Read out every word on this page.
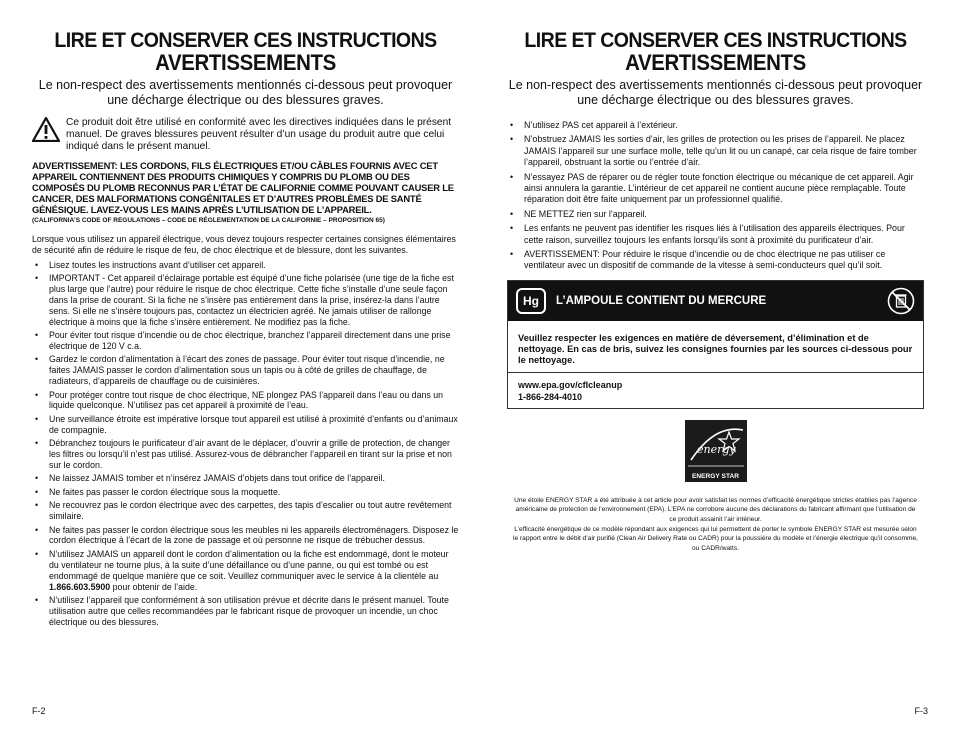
LIRE ET CONSERVER CES INSTRUCTIONS
AVERTISSEMENTS
Le non-respect des avertissements mentionnés ci-dessous peut provoquer une décharge électrique ou des blessures graves.
Ce produit doit être utilisé en conformité avec les directives indiquées dans le présent manuel. De graves blessures peuvent résulter d’un usage du produit autre que celui indiqué dans le présent manuel.
ADVERTISSEMENT: LES CORDONS, FILS ÉLECTRIQUES ET/OU CÂBLES FOURNIS AVEC CET APPAREIL CONTIENNENT DES PRODUITS CHIMIQUES Y COMPRIS DU PLOMB OU DES COMPOSÉS DU PLOMB RECONNUS PAR L’ÉTAT DE CALIFORNIE COMME POUVANT CAUSER LE CANCER, DES MALFORMATIONS CONGÉNITALES ET D’AUTRES PROBLÈMES DE SANTÉ GÉNÉSIQUE. LAVEZ-VOUS LES MAINS APRÈS L’UTILISATION DE L’APPAREIL.
(CALIFORNIA’S CODE OF REGULATIONS – CODE DE RÉGLEMENTATION DE LA CALIFORNIE – PROPOSITION 65)
Lorsque vous utilisez un appareil électrique, vous devez toujours respecter certaines consignes élémentaires de sécurité afin de réduire le risque de feu, de choc électrique et de blessure, dont les suivantes.
• Lisez toutes les instructions avant d’utiliser cet appareil.
• IMPORTANT - Cet appareil d’éclairage portable est équipé d’une fiche polarisée (une tige de la fiche est plus large que l’autre) pour réduire le risque de choc électrique. Cette fiche s’installe d’une seule façon dans la prise de courant. Si la fiche ne s’insère pas entièrement dans la prise, insérez-la dans l’autre sens. Si elle ne s’insère toujours pas, contactez un électricien agréé. Ne jamais utiliser de rallonge électrique à moins que la fiche s’insère entièrement. Ne modifiez pas la fiche.
• Pour éviter tout risque d’incendie ou de choc électrique, branchez l’appareil directement dans une prise électrique de 120 V c.a.
• Gardez le cordon d’alimentation à l’écart des zones de passage. Pour éviter tout risque d’incendie, ne faites JAMAIS passer le cordon d’alimentation sous un tapis ou à côté de grilles de chauffage, de radiateurs, d’appareils de chauffage ou de cuisinières.
• Pour protéger contre tout risque de choc électrique, NE plongez PAS l’appareil dans l’eau ou dans un liquide quelconque. N’utilisez pas cet appareil à proximité de l’eau.
• Une surveillance étroite est impérative lorsque tout appareil est utilisé à proximité d’enfants ou d’animaux de compagnie.
• Débranchez toujours le purificateur d’air avant de le déplacer, d’ouvrir a grille de protection, de changer les filtres ou lorsqu’il n’est pas utilisé. Assurez-vous de débrancher l’appareil en tirant sur la prise et non sur le cordon.
• Ne laissez JAMAIS tomber et n’insérez JAMAIS d’objets dans tout orifice de l’appareil.
• Ne faites pas passer le cordon électrique sous la moquette.
• Ne recouvrez pas le cordon électrique avec des carpettes, des tapis d’escalier ou tout autre revêtement similaire.
• Ne faites pas passer le cordon électrique sous les meubles ni les appareils électroménagers. Disposez le cordon électrique à l’écart de la zone de passage et où personne ne risque de trébucher dessus.
• N’utilisez JAMAIS un appareil dont le cordon d’alimentation ou la fiche est endommagé, dont le moteur du ventilateur ne tourne plus, à la suite d’une défaillance ou d’une panne, ou qui est tombé ou est endommagé de quelque manière que ce soit. Veuillez communiquer avec le service à la clientèle au 1.866.603.5900 pour obtenir de l’aide.
• N’utilisez l’appareil que conformément à son utilisation prévue et décrite dans le présent manuel. Toute utilisation autre que celles recommandées par le fabricant risque de provoquer un incendie, un choc électrique ou des blessures.
F-2
LIRE ET CONSERVER CES INSTRUCTIONS
AVERTISSEMENTS
Le non-respect des avertissements mentionnés ci-dessous peut provoquer une décharge électrique ou des blessures graves.
• N’utilisez PAS cet appareil à l’extérieur.
• N’obstruez JAMAIS les sorties d’air, les grilles de protection ou les prises de l’appareil. Ne placez JAMAIS l’appareil sur une surface molle, telle qu’un lit ou un canapé, car cela risque de faire tomber l’appareil, obstruant la sortie ou l’entrée d’air.
• N’essayez PAS de réparer ou de régler toute fonction électrique ou mécanique de cet appareil. Agir ainsi annulera la garantie. L’intérieur de cet appareil ne contient aucune pièce remplaçable. Toute réparation doit être faite uniquement par un professionnel qualifié.
• NE METTEZ rien sur l’appareil.
• Les enfants ne peuvent pas identifier les risques liés à l’utilisation des appareils électriques. Pour cette raison, surveillez toujours les enfants lorsqu’ils sont à proximité du purificateur d’air.
• AVERTISSEMENT: Pour réduire le risque d’incendie ou de choc électrique ne pas utiliser ce ventilateur avec un dispositif de commande de la vitesse à semi-conducteurs quel qu’il soit.
Hg	L’AMPOULE CONTIENT DU MERCURE
Veuillez respecter les exigences en matière de déversement, d’élimination et de nettoyage. En cas de bris, suivez les consignes fournies par les sources ci-dessous pour le nettoyage.
www.epa.gov/cflcleanup
1-866-284-4010
energy
ENERGY STAR
Une étoile ENERGY STAR a été attribuée à cet article pour avoir satisfait les normes d’efficacité énergétique strictes établies pas l’agence américaine de protection de l’environnement (EPA). L’EPA ne corrobore aucune des déclarations du fabricant affirmant que l’utilisation de ce produit assainit l’air intérieur.
L’efficacité énergétique de ce modèle répondant aux exigences qui lui permettent de porter le symbole ENERGY STAR est mesurée selon le rapport entre le débit d’air purifié (Clean Air Delivery Rate ou CADR) pour la poussière du modèle et l’énergie électrique qu’il consomme, ou CADR/watts.
F-3
